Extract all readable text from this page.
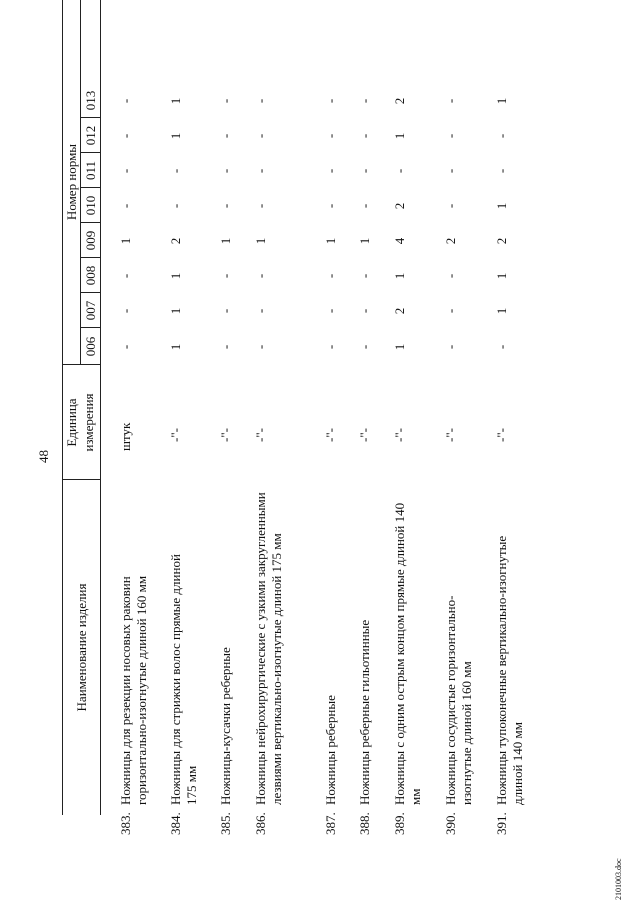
48
Наименование изделия
Единица измерения
Номер нормы
006
007
008
009
010
011
012
013
383.
Ножницы для резекции носовых раковин горизонтально-изогнутые длиной 160 мм
штук
-
-
-
1
-
-
-
-
384.
Ножницы для стрижки волос прямые длиной 175 мм
-"-
1
1
1
2
-
-
1
1
385.
Ножницы-кусачки реберные
-"-
-
-
-
1
-
-
-
-
386.
Ножницы нейрохирургические с узкими закругленными лезвиями вертикально-изогнутые длиной 175 мм
-"-
-
-
-
1
-
-
-
-
387.
Ножницы реберные
-"-
-
-
-
1
-
-
-
-
388.
Ножницы реберные гильотинные
-"-
-
-
-
1
-
-
-
-
389.
Ножницы с одним острым концом прямые длиной 140 мм
-"-
1
2
1
4
2
-
1
2
390.
Ножницы сосудистые горизонтально-изогнутые длиной 160 мм
-"-
-
-
-
2
-
-
-
-
391.
Ножницы тупоконечные вертикально-изогнутые длиной 140 мм
-"-
-
1
1
2
1
-
-
1
2101003.doc
